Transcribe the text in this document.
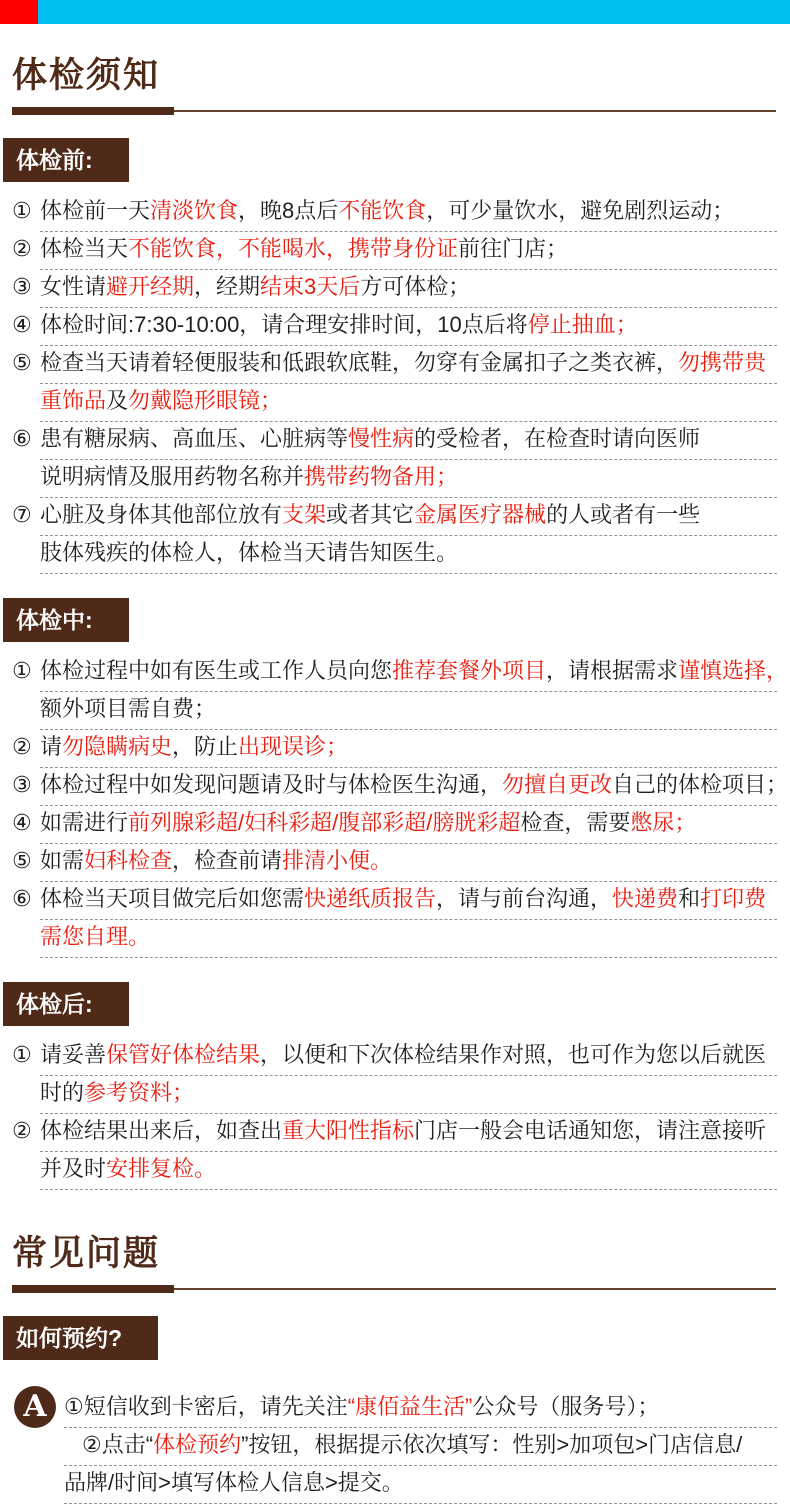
体检须知
体检前:
① 体检前一天清淡饮食，晚8点后不能饮食，可少量饮水，避免剧烈运动；
② 体检当天不能饮食，不能喝水，携带身份证前往门店；
③ 女性请避开经期，经期结束3天后方可体检；
④ 体检时间:7:30-10:00，请合理安排时间，10点后将停止抽血；
⑤ 检查当天请着轻便服装和低跟软底鞋，勿穿有金属扣子之类衣裤，勿携带贵
重饰品及勿戴隐形眼镜；
⑥ 患有糖尿病、高血压、心脏病等慢性病的受检者，在检查时请向医师
说明病情及服用药物名称并携带药物备用；
⑦ 心脏及身体其他部位放有支架或者其它金属医疗器械的人或者有一些
肢体残疾的体检人，体检当天请告知医生。
体检中:
① 体检过程中如有医生或工作人员向您推荐套餐外项目，请根据需求谨慎选择，
额外项目需自费；
② 请勿隐瞒病史，防止出现误诊；
③ 体检过程中如发现问题请及时与体检医生沟通，勿擅自更改自己的体检项目；
④ 如需进行前列腺彩超/妇科彩超/腹部彩超/膀胱彩超检查，需要憋尿；
⑤ 如需妇科检查，检查前请排清小便。
⑥ 体检当天项目做完后如您需快递纸质报告，请与前台沟通，快递费和打印费
需您自理。
体检后:
① 请妥善保管好体检结果，以便和下次体检结果作对照，也可作为您以后就医
时的参考资料；
② 体检结果出来后，如查出重大阳性指标门店一般会电话通知您，请注意接听
并及时安排复检。
常见问题
如何预约?
A ①短信收到卡密后，请先关注“康佰益生活”公众号（服务号）；
②点击“体检预约”按钮，根据提示依次填写：性别>加项包>门店信息/
品牌/时间>填写体检人信息>提交。
